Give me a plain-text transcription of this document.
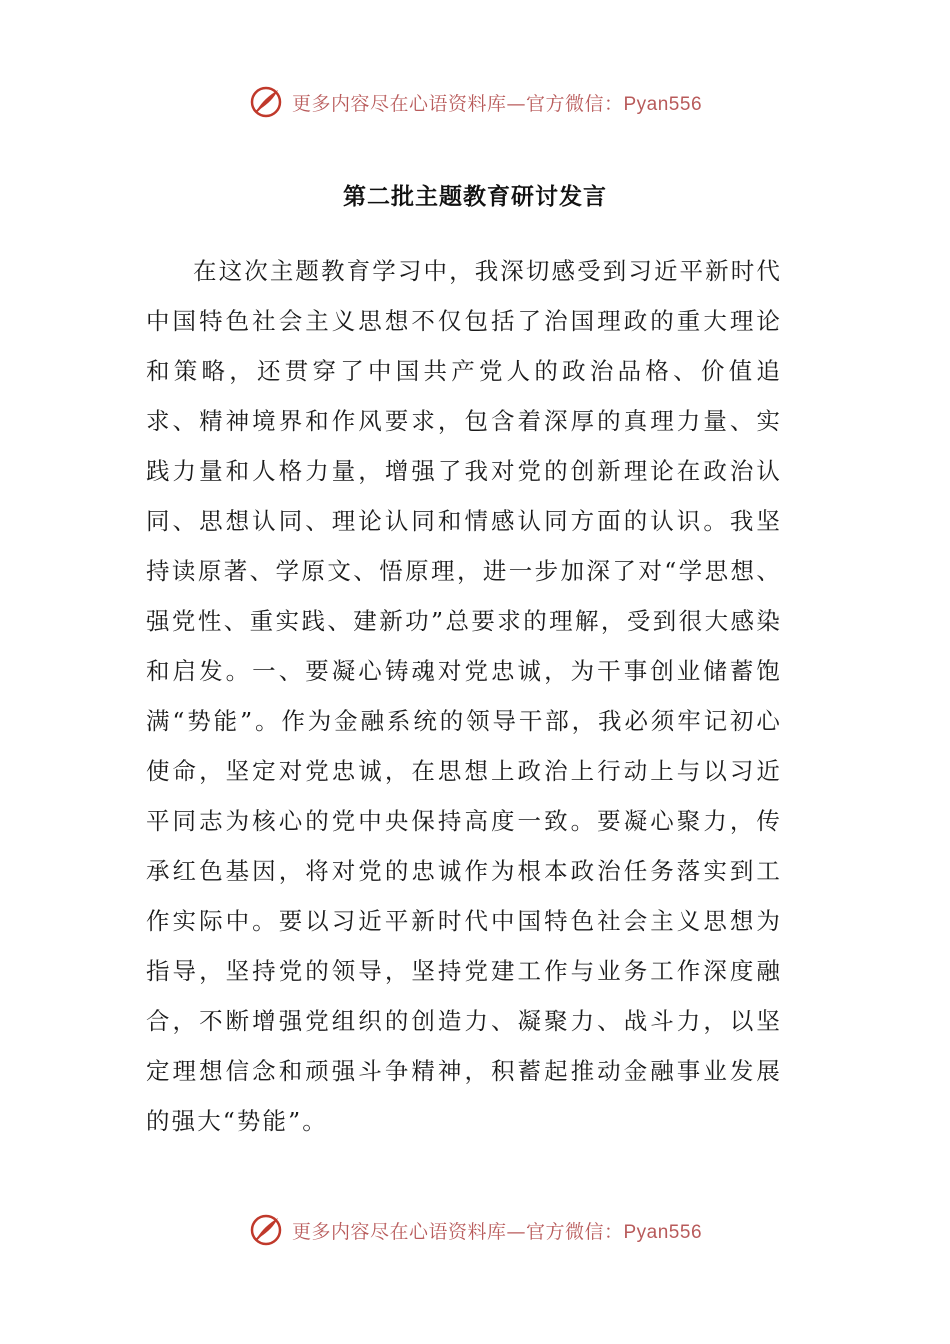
更多内容尽在心语资料库—官方微信：Pyan556
第二批主题教育研讨发言

在这次主题教育学习中，我深切感受到习近平新时代中国特色社会主义思想不仅包括了治国理政的重大理论和策略，还贯穿了中国共产党人的政治品格、价值追求、精神境界和作风要求，包含着深厚的真理力量、实践力量和人格力量，增强了我对党的创新理论在政治认同、思想认同、理论认同和情感认同方面的认识。我坚持读原著、学原文、悟原理，进一步加深了对“学思想、强党性、重实践、建新功”总要求的理解，受到很大感染和启发。一、要凝心铸魂对党忠诚，为干事创业储蓄饱满“势能”。作为金融系统的领导干部，我必须牢记初心使命，坚定对党忠诚，在思想上政治上行动上与以习近平同志为核心的党中央保持高度一致。要凝心聚力，传承红色基因，将对党的忠诚作为根本政治任务落实到工作实际中。要以习近平新时代中国特色社会主义思想为指导，坚持党的领导，坚持党建工作与业务工作深度融合，不断增强党组织的创造力、凝聚力、战斗力，以坚定理想信念和顽强斗争精神，积蓄起推动金融事业发展的强大“势能”。

更多内容尽在心语资料库—官方微信：Pyan556
